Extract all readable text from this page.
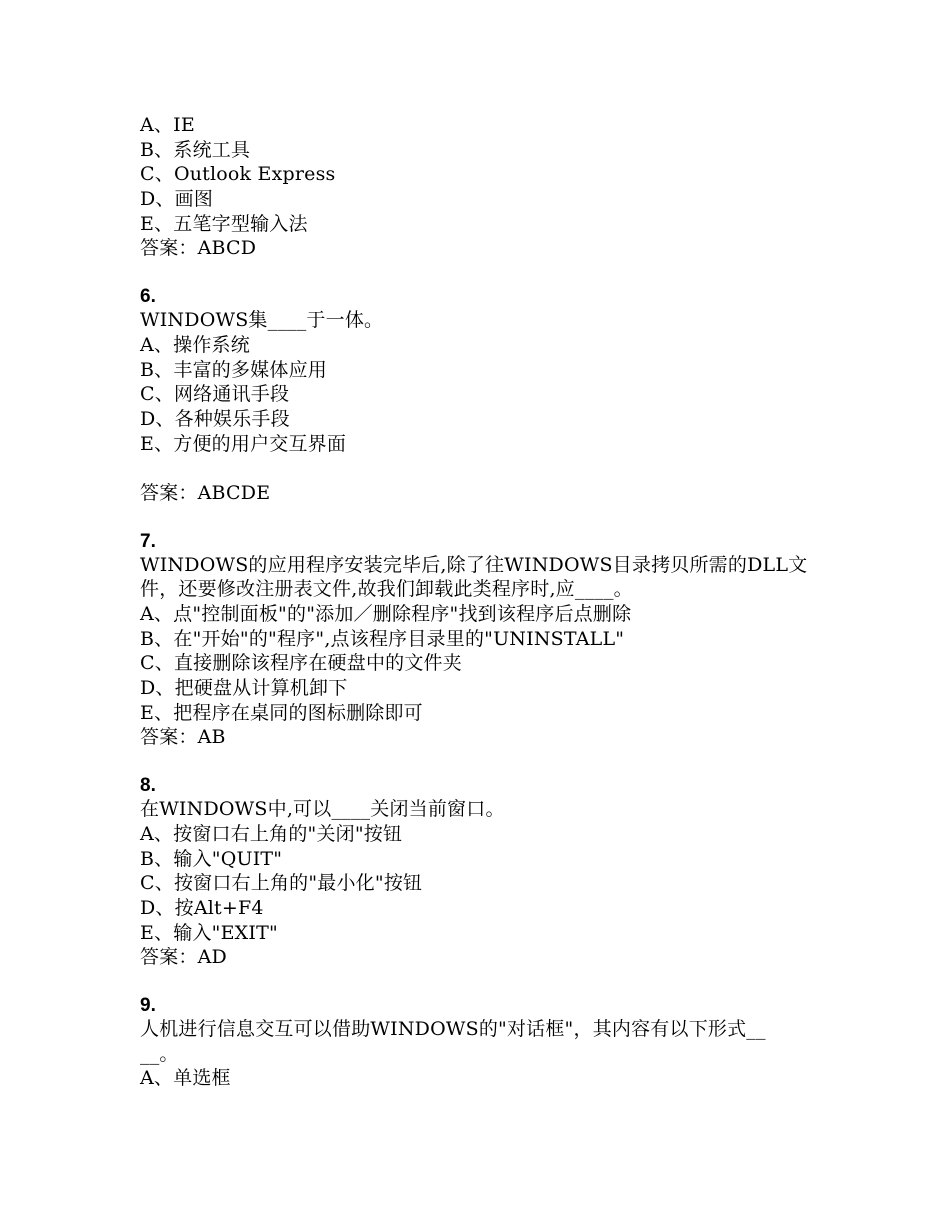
A、IE
B、系统工具
C、Outlook Express
D、画图
E、五笔字型输入法
答案：ABCD
6.
WINDOWS集____于一体。
A、操作系统
B、丰富的多媒体应用
C、网络通讯手段
D、各种娱乐手段
E、方便的用户交互界面
答案：ABCDE
7.
WINDOWS的应用程序安装完毕后,除了往WINDOWS目录拷贝所需的DLL文
件，还要修改注册表文件,故我们卸载此类程序时,应____。
A、点"控制面板"的"添加／删除程序"找到该程序后点删除
B、在"开始"的"程序",点该程序目录里的"UNINSTALL"
C、直接删除该程序在硬盘中的文件夹
D、把硬盘从计算机卸下
E、把程序在桌同的图标删除即可
答案：AB
8.
在WINDOWS中,可以____关闭当前窗口。
A、按窗口右上角的"关闭"按钮
B、输入"QUIT"
C、按窗口右上角的"最小化"按钮
D、按Alt+F4
E、输入"EXIT"
答案：AD
9.
人机进行信息交互可以借助WINDOWS的"对话框"，其内容有以下形式__
__。
A、单选框
